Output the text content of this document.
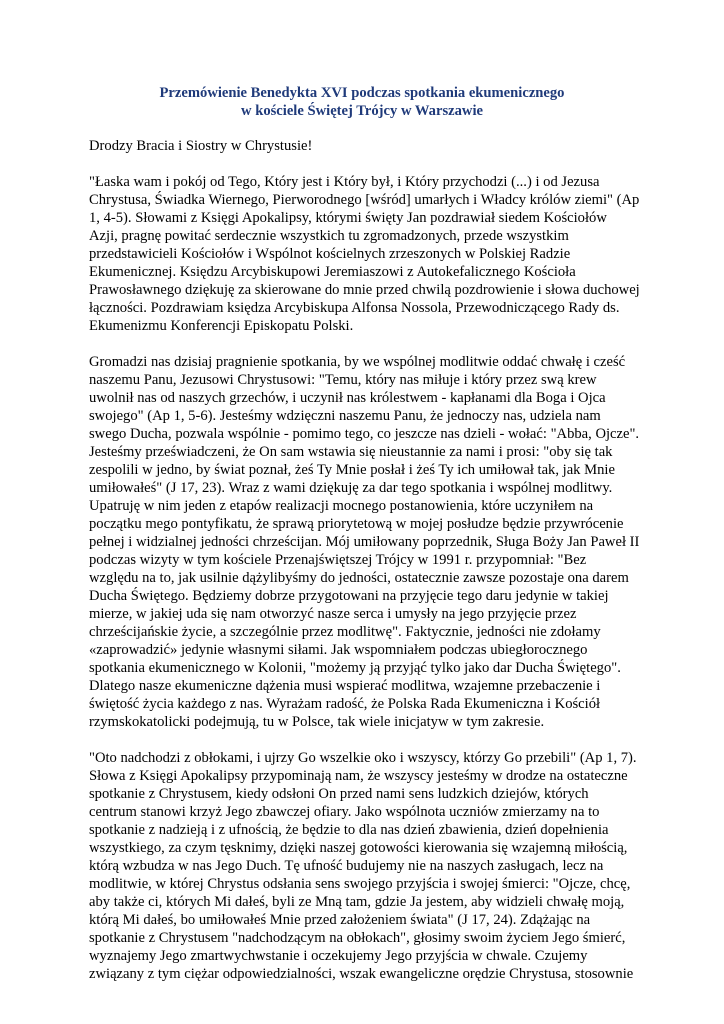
Przemówienie Benedykta XVI podczas spotkania ekumenicznego
w kościele Świętej Trójcy w Warszawie
Drodzy Bracia i Siostry w Chrystusie!
"Łaska wam i pokój od Tego, Który jest i Który był, i Który przychodzi (...) i od Jezusa
Chrystusa, Świadka Wiernego, Pierworodnego [wśród] umarłych i Władcy królów ziemi" (Ap
1, 4-5). Słowami z Księgi Apokalipsy, którymi święty Jan pozdrawiał siedem Kościołów
Azji, pragnę powitać serdecznie wszystkich tu zgromadzonych, przede wszystkim
przedstawicieli Kościołów i Wspólnot kościelnych zrzeszonych w Polskiej Radzie
Ekumenicznej. Księdzu Arcybiskupowi Jeremiaszowi z Autokefalicznego Kościoła
Prawosławnego dziękuję za skierowane do mnie przed chwilą pozdrowienie i słowa duchowej
łączności. Pozdrawiam księdza Arcybiskupa Alfonsa Nossola, Przewodniczącego Rady ds.
Ekumenizmu Konferencji Episkopatu Polski.
Gromadzi nas dzisiaj pragnienie spotkania, by we wspólnej modlitwie oddać chwałę i cześć
naszemu Panu, Jezusowi Chrystusowi: "Temu, który nas miłuje i który przez swą krew
uwolnił nas od naszych grzechów, i uczynił nas królestwem - kapłanami dla Boga i Ojca
swojego" (Ap 1, 5-6). Jesteśmy wdzięczni naszemu Panu, że jednoczy nas, udziela nam
swego Ducha, pozwala wspólnie - pomimo tego, co jeszcze nas dzieli - wołać: "Abba, Ojcze".
Jesteśmy przeświadczeni, że On sam wstawia się nieustannie za nami i prosi: "oby się tak
zespolili w jedno, by świat poznał, żeś Ty Mnie posłał i żeś Ty ich umiłował tak, jak Mnie
umiłowałeś" (J 17, 23). Wraz z wami dziękuję za dar tego spotkania i wspólnej modlitwy.
Upatruję w nim jeden z etapów realizacji mocnego postanowienia, które uczyniłem na
początku mego pontyfikatu, że sprawą priorytetową w mojej posłudze będzie przywrócenie
pełnej i widzialnej jedności chrześcijan. Mój umiłowany poprzednik, Sługa Boży Jan Paweł II
podczas wizyty w tym kościele Przenajświętszej Trójcy w 1991 r. przypomniał: "Bez
względu na to, jak usilnie dążylibyśmy do jedności, ostatecznie zawsze pozostaje ona darem
Ducha Świętego. Będziemy dobrze przygotowani na przyjęcie tego daru jedynie w takiej
mierze, w jakiej uda się nam otworzyć nasze serca i umysły na jego przyjęcie przez
chrześcijańskie życie, a szczególnie przez modlitwę". Faktycznie, jedności nie zdołamy
«zaprowadzić» jedynie własnymi siłami. Jak wspomniałem podczas ubiegłorocznego
spotkania ekumenicznego w Kolonii, "możemy ją przyjąć tylko jako dar Ducha Świętego".
Dlatego nasze ekumeniczne dążenia musi wspierać modlitwa, wzajemne przebaczenie i
świętość życia każdego z nas. Wyrażam radość, że Polska Rada Ekumeniczna i Kościół
rzymskokatolicki podejmują, tu w Polsce, tak wiele inicjatyw w tym zakresie.
"Oto nadchodzi z obłokami, i ujrzy Go wszelkie oko i wszyscy, którzy Go przebili" (Ap 1, 7).
Słowa z Księgi Apokalipsy przypominają nam, że wszyscy jesteśmy w drodze na ostateczne
spotkanie z Chrystusem, kiedy odsłoni On przed nami sens ludzkich dziejów, których
centrum stanowi krzyż Jego zbawczej ofiary. Jako wspólnota uczniów zmierzamy na to
spotkanie z nadzieją i z ufnością, że będzie to dla nas dzień zbawienia, dzień dopełnienia
wszystkiego, za czym tęsknimy, dzięki naszej gotowości kierowania się wzajemną miłością,
którą wzbudza w nas Jego Duch. Tę ufność budujemy nie na naszych zasługach, lecz na
modlitwie, w której Chrystus odsłania sens swojego przyjścia i swojej śmierci: "Ojcze, chcę,
aby także ci, których Mi dałeś, byli ze Mną tam, gdzie Ja jestem, aby widzieli chwałę moją,
którą Mi dałeś, bo umiłowałeś Mnie przed założeniem świata" (J 17, 24). Zdążając na
spotkanie z Chrystusem "nadchodzącym na obłokach", głosimy swoim życiem Jego śmierć,
wyznajemy Jego zmartwychwstanie i oczekujemy Jego przyjścia w chwale. Czujemy
związany z tym ciężar odpowiedzialności, wszak ewangeliczne orędzie Chrystusa, stosownie
